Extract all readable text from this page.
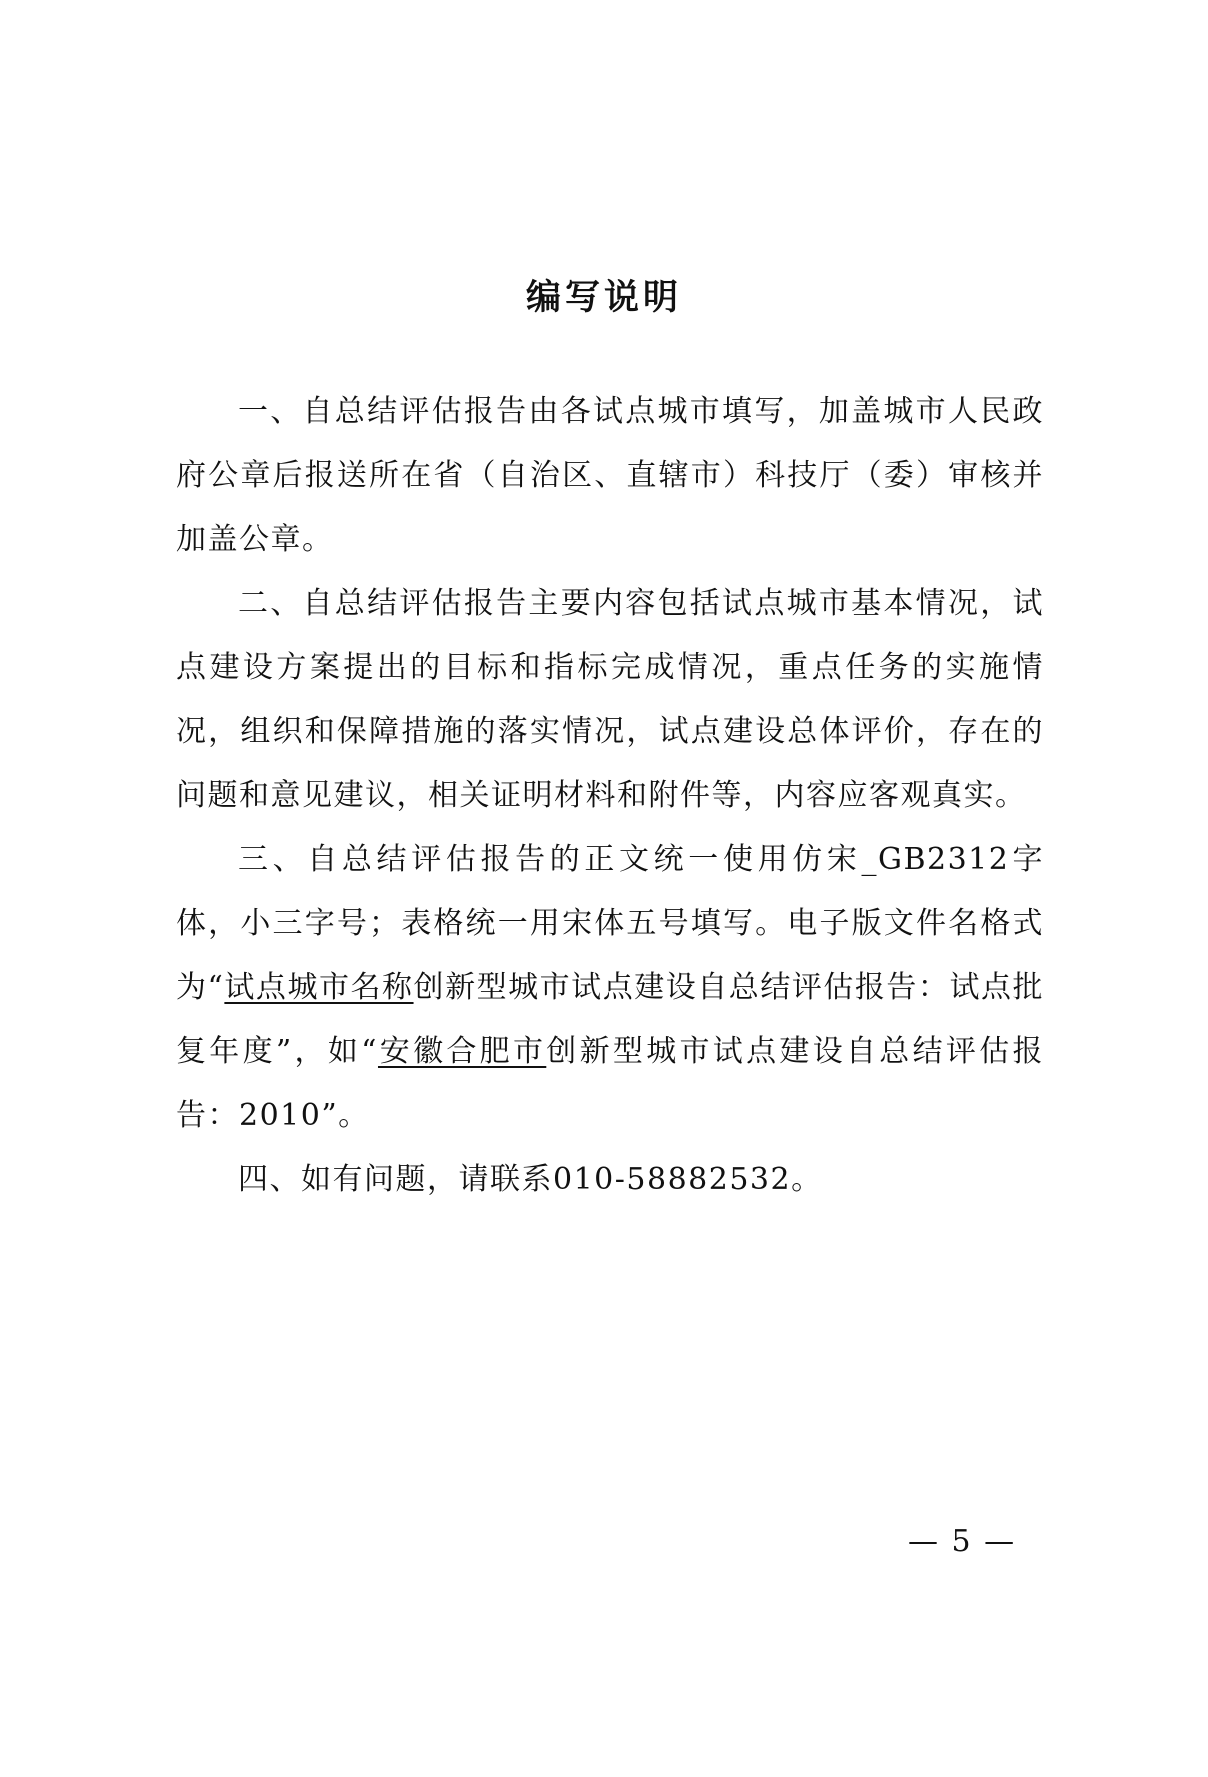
编写说明

一、自总结评估报告由各试点城市填写，加盖城市人民政府公章后报送所在省（自治区、直辖市）科技厅（委）审核并加盖公章。

二、自总结评估报告主要内容包括试点城市基本情况，试点建设方案提出的目标和指标完成情况，重点任务的实施情况，组织和保障措施的落实情况，试点建设总体评价，存在的问题和意见建议，相关证明材料和附件等，内容应客观真实。

三、自总结评估报告的正文统一使用仿宋_GB2312字体，小三字号；表格统一用宋体五号填写。电子版文件名格式为“试点城市名称创新型城市试点建设自总结评估报告：试点批复年度”，如“安徽合肥市创新型城市试点建设自总结评估报告：2010”。

四、如有问题，请联系010-58882532。

— 5 —
